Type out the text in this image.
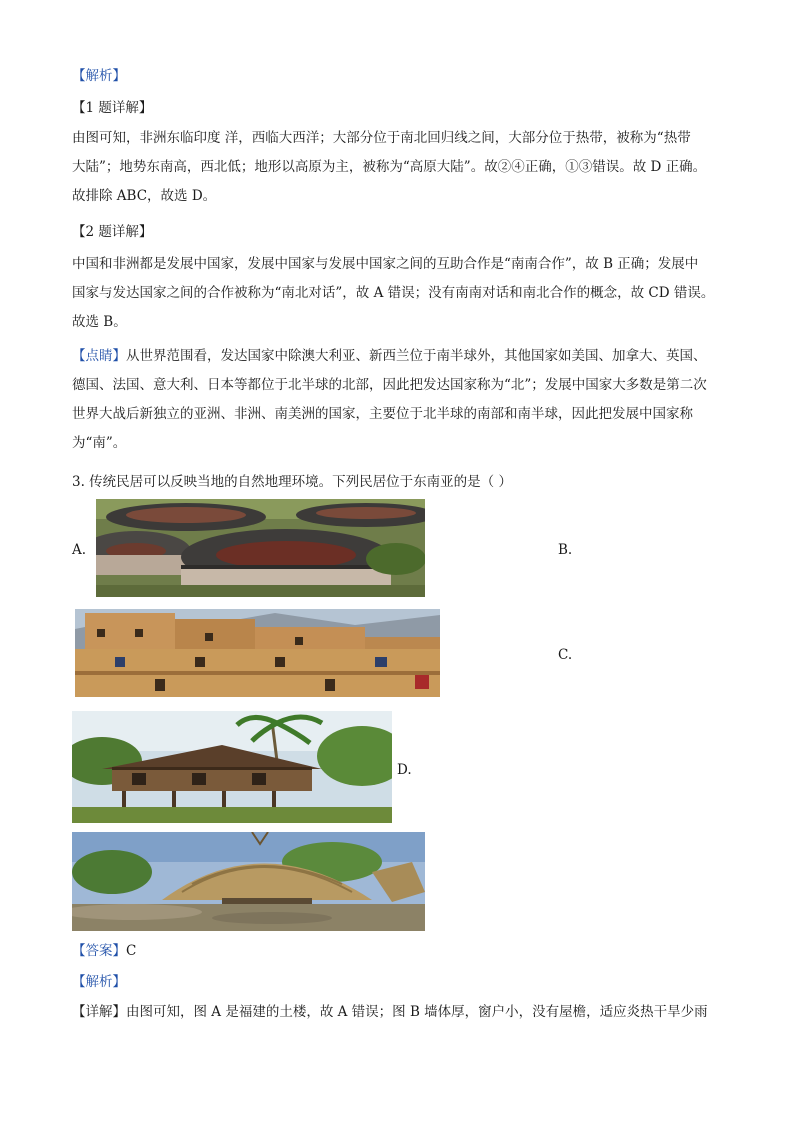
【解析】
【1 题详解】
由图可知，非洲东临印度 洋，西临大西洋；大部分位于南北回归线之间，大部分位于热带，被称为“热带
大陆”；地势东南高，西北低；地形以高原为主，被称为“高原大陆”。故②④正确，①③错误。故 D 正确。
故排除 ABC，故选 D。
【2 题详解】
中国和非洲都是发展中国家，发展中国家与发展中国家之间的互助合作是“南南合作”，故 B 正确；发展中
国家与发达国家之间的合作被称为“南北对话”，故 A 错误；没有南南对话和南北合作的概念，故 CD 错误。
故选 B。
【点睛】从世界范围看，发达国家中除澳大利亚、新西兰位于南半球外，其他国家如美国、加拿大、英国、
德国、法国、意大利、日本等都位于北半球的北部，因此把发达国家称为“北”；发展中国家大多数是第二次
世界大战后新独立的亚洲、非洲、南美洲的国家，主要位于北半球的南部和南半球，因此把发展中国家称
为“南”。
3. 传统民居可以反映当地的自然地理环境。下列民居位于东南亚的是（ ）
A.	B.
C.
D.
【答案】C
【解析】
【详解】由图可知，图 A 是福建的土楼，故 A 错误；图 B 墙体厚，窗户小，没有屋檐，适应炎热干旱少雨
